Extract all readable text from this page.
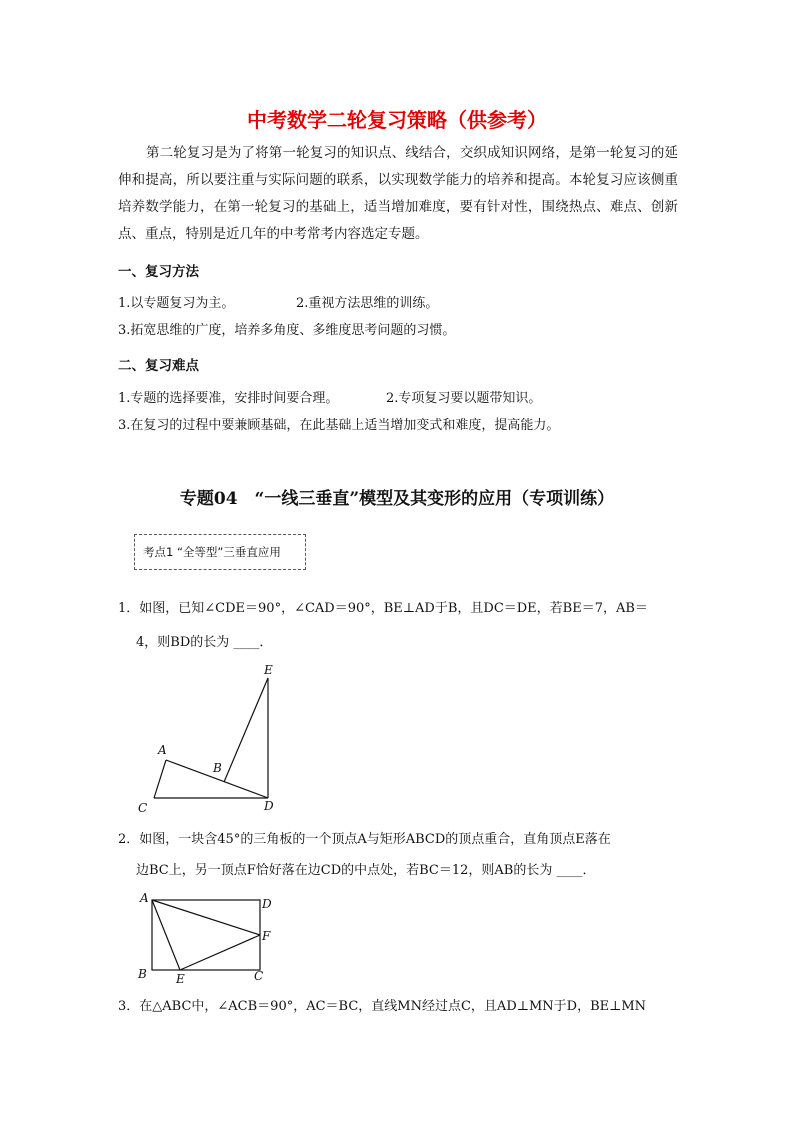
中考数学二轮复习策略（供参考）
第二轮复习是为了将第一轮复习的知识点、线结合，交织成知识网络，是第一轮复习的延伸和提高，所以要注重与实际问题的联系，以实现数学能力的培养和提高。本轮复习应该侧重培养数学能力，在第一轮复习的基础上，适当增加难度，要有针对性，围绕热点、难点、创新点、重点，特别是近几年的中考常考内容选定专题。
一、复习方法
1.以专题复习为主。	2.重视方法思维的训练。
3.拓宽思维的广度，培养多角度、多维度思考问题的习惯。
二、复习难点
1.专题的选择要准，安排时间要合理。	2.专项复习要以题带知识。
3.在复习的过程中要兼顾基础，在此基础上适当增加变式和难度，提高能力。
专题04　“一线三垂直”模型及其变形的应用（专项训练）
考点1 “全等型”三垂直应用
1．如图，已知∠CDE＝90°，∠CAD＝90°，BE⊥AD于B，且DC＝DE，若BE＝7，AB＝
4，则BD的长为 ____．
A
B
C	D
E
2．如图，一块含45°的三角板的一个顶点A与矩形ABCD的顶点重合，直角顶点E落在
边BC上，另一顶点F恰好落在边CD的中点处，若BC＝12，则AB的长为 ____．
A
B	C
D
E
F
3．在△ABC中，∠ACB＝90°，AC＝BC，直线MN经过点C，且AD⊥MN于D，BE⊥MN
